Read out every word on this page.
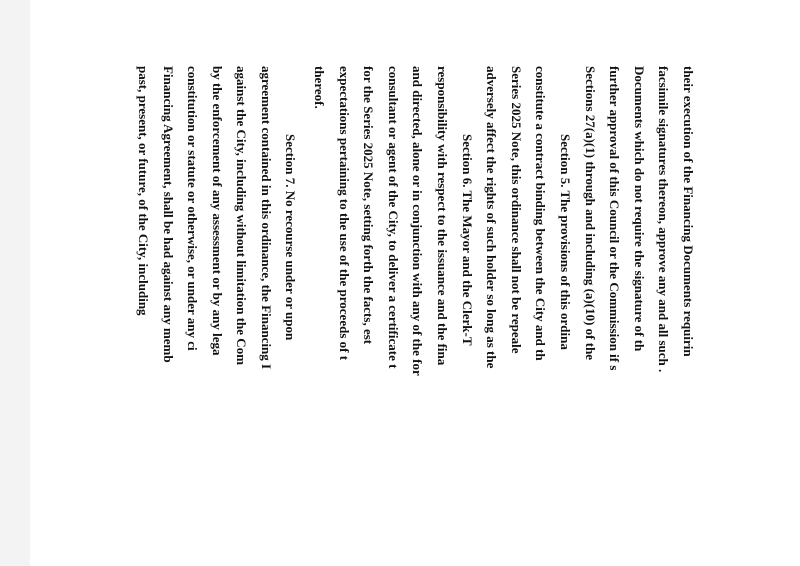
their execution of the Financing Documents requirin
facsimile signatures thereon, approve any and all such .
Documents which do not require the signature of th
further approval of this Council or the Commission if s
Sections 27(a)(1) through and including (a)(10) of the
Section 5. The provisions of this ordina
constitute a contract binding between the City and th
Series 2025 Note, this ordinance shall not be repeale
adversely affect the rights of such holder so long as the
Section 6. The Mayor and the Clerk-T
responsibility with respect to the issuance and the fina
and directed, alone or in conjunction with any of the for
consultant or agent of the City, to deliver a certificate t
for the Series 2025 Note, setting forth the facts, est
expectations pertaining to the use of the proceeds of t
thereof.
Section 7. No recourse under or upon
agreement contained in this ordinance, the Financing I
against the City, including without limitation the Com
by the enforcement of any assessment or by any lega
constitution or statute or otherwise, or under any ci
Financing Agreement, shall be had against any memb
past, present, or future, of the City, including
